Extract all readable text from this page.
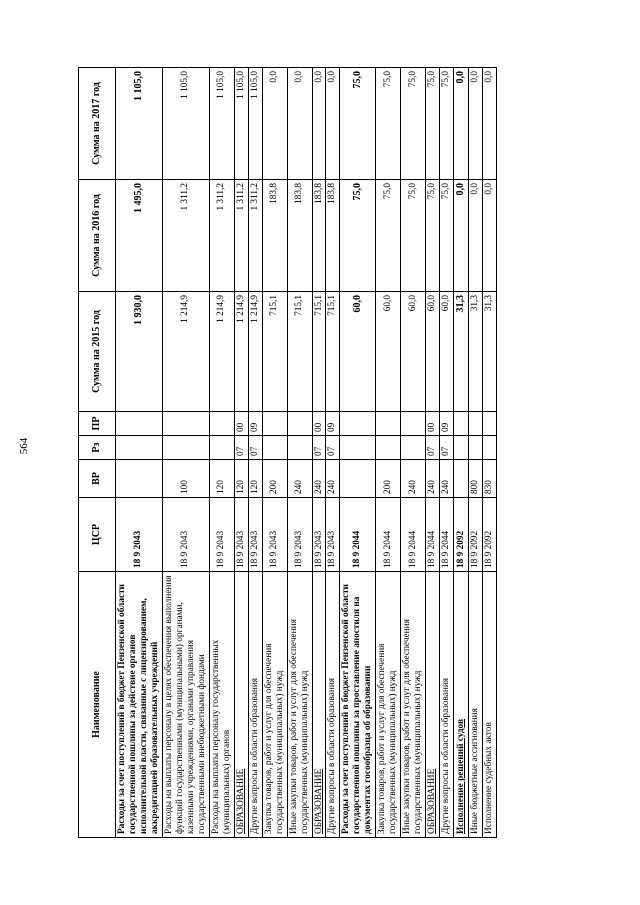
564
Наименование	ЦСР	ВР	Рз	ПР	Сумма на 2015 год	Сумма на 2016 год	Сумма на 2017 год
Расходы за счет поступлений в бюджет Пензенской области государственной пошлины за действие органов исполнительной власти, связанные с лицензированием, аккредитацией образовательных учреждений	18 9 2043				1 930,0	1 495,0	1 105,0
Расходы на выплаты персоналу в целях обеспечения выполнения функций государственными (муниципальными) органами, казенными учреждениями, органами управления государственными внебюджетными фондами	18 9 2043	100			1 214,9	1 311,2	1 105,0
Расходы на выплаты персоналу государственных (муниципальных) органов	18 9 2043	120			1 214,9	1 311,2	1 105,0
ОБРАЗОВАНИЕ	18 9 2043	120	07	00	1 214,9	1 311,2	1 105,0
Другие вопросы в области образования	18 9 2043	120	07	09	1 214,9	1 311,2	1 105,0
Закупка товаров, работ и услуг для обеспечения государственных (муниципальных) нужд	18 9 2043	200			715,1	183,8	0,0
Иные закупки товаров, работ и услуг для обеспечения государственных (муниципальных) нужд	18 9 2043	240			715,1	183,8	0,0
ОБРАЗОВАНИЕ	18 9 2043	240	07	00	715,1	183,8	0,0
Другие вопросы в области образования	18 9 2043	240	07	09	715,1	183,8	0,0
Расходы за счет поступлений в бюджет Пензенской области государственной пошлины за проставление апостиля на документах госообразца об образовании	18 9 2044				60,0	75,0	75,0
Закупка товаров, работ и услуг для обеспечения государственных (муниципальных) нужд	18 9 2044	200			60,0	75,0	75,0
Иные закупки товаров, работ и услуг для обеспечения государственных (муниципальных) нужд	18 9 2044	240			60,0	75,0	75,0
ОБРАЗОВАНИЕ	18 9 2044	240	07	00	60,0	75,0	75,0
Другие вопросы в области образования	18 9 2044	240	07	09	60,0	75,0	75,0
Исполнение решений судов	18 9 2092				31,3	0,0	0,0
Иные бюджетные ассигнования	18 9 2092	800			31,3	0,0	0,0
Исполнение судебных актов	18 9 2092	830			31,3	0,0	0,0
